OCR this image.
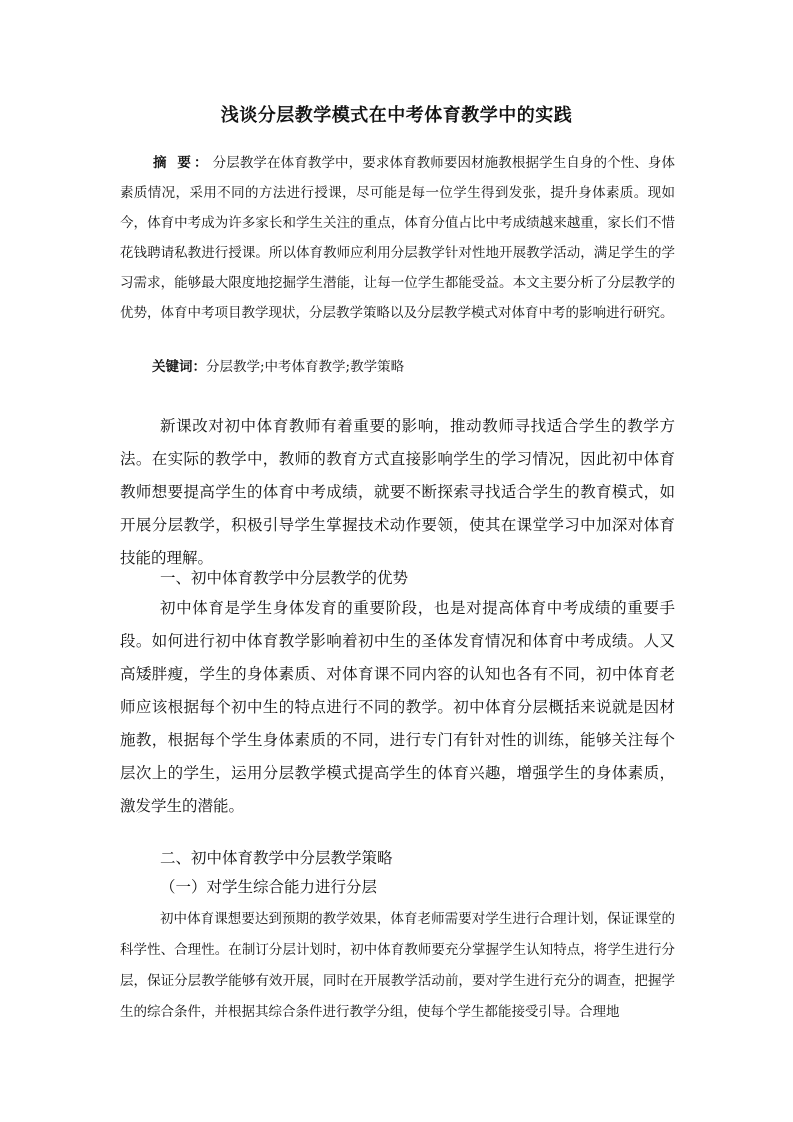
浅谈分层教学模式在中考体育教学中的实践
摘 要： 分层教学在体育教学中，要求体育教师要因材施教根据学生自身的个性、身体素质情况，采用不同的方法进行授课，尽可能是每一位学生得到发张，提升身体素质。现如今，体育中考成为许多家长和学生关注的重点，体育分值占比中考成绩越来越重，家长们不惜花钱聘请私教进行授课。所以体育教师应利用分层教学针对性地开展教学活动，满足学生的学习需求，能够最大限度地挖掘学生潜能，让每一位学生都能受益。本文主要分析了分层教学的优势，体育中考项目教学现状，分层教学策略以及分层教学模式对体育中考的影响进行研究。
关键词：分层教学;中考体育教学;教学策略
新课改对初中体育教师有着重要的影响，推动教师寻找适合学生的教学方法。在实际的教学中，教师的教育方式直接影响学生的学习情况，因此初中体育教师想要提高学生的体育中考成绩，就要不断探索寻找适合学生的教育模式，如开展分层教学，积极引导学生掌握技术动作要领，使其在课堂学习中加深对体育技能的理解。
一、初中体育教学中分层教学的优势
初中体育是学生身体发育的重要阶段，也是对提高体育中考成绩的重要手段。如何进行初中体育教学影响着初中生的圣体发育情况和体育中考成绩。人又高矮胖瘦，学生的身体素质、对体育课不同内容的认知也各有不同，初中体育老师应该根据每个初中生的特点进行不同的教学。初中体育分层概括来说就是因材施教，根据每个学生身体素质的不同，进行专门有针对性的训练，能够关注每个层次上的学生，运用分层教学模式提高学生的体育兴趣，增强学生的身体素质，激发学生的潜能。
二、初中体育教学中分层教学策略
（一）对学生综合能力进行分层
初中体育课想要达到预期的教学效果，体育老师需要对学生进行合理计划，保证课堂的科学性、合理性。在制订分层计划时，初中体育教师要充分掌握学生认知特点，将学生进行分层，保证分层教学能够有效开展，同时在开展教学活动前，要对学生进行充分的调查，把握学生的综合条件，并根据其综合条件进行教学分组，使每个学生都能接受引导。合理地
